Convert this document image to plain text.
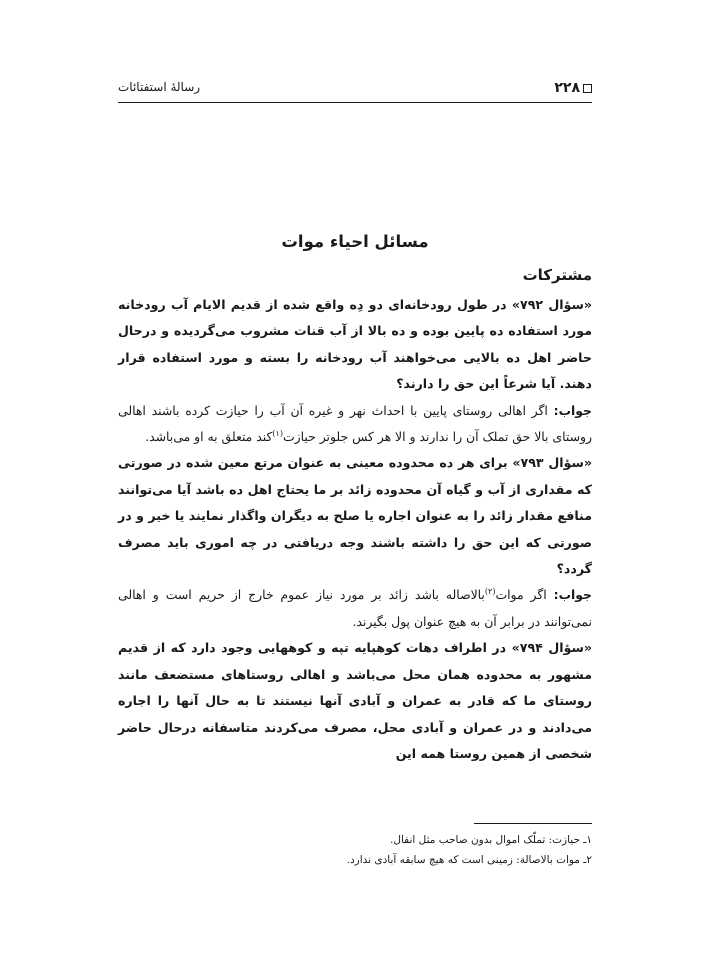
رسالهٔ استفتائات	۲۲۸
مسائل احیاء موات
مشترکات

«سؤال ۷۹۲» در طول رودخانه‌ای دو دِه واقع شده از قدیم الایام آب رودخانه مورد استفاده ده پایین بوده و ده بالا از آب قنات مشروب می‌گردیده و درحال حاضر اهل ده بالایی می‌خواهند آب رودخانه را بسته و مورد استفاده قرار دهند. آیا شرعاً این حق را دارند؟

جواب: اگر اهالی روستای پایین با احداث نهر و غیره آن آب را حیازت کرده باشند اهالی روستای بالا حق تملک آن را ندارند و الا هر کس جلوتر حیازت$^{(۱)}$کند متعلق به او می‌باشد.

«سؤال ۷۹۳» برای هر ده محدوده معینی به عنوان مرتع معین شده در صورتی که مقداری از آب و گیاه آن محدوده زائد بر ما یحتاج اهل ده باشد آیا می‌توانند منافع مقدار زائد را به عنوان اجاره یا صلح به دیگران واگذار نمایند یا خیر و در صورتی که این حق را داشته باشند وجه دریافتی در چه اموری باید مصرف گردد؟

جواب: اگر موات$^{(۲)}$بالاصاله باشد زائد بر مورد نیاز عموم خارج از حریم است و اهالی نمی‌توانند در برابر آن به هیچ عنوان پول بگیرند.

«سؤال ۷۹۴» در اطراف دهات کوهپایه تپه و کوههایی وجود دارد که از قدیم مشهور به محدوده همان محل می‌باشد و اهالی روستاهای مستضعف مانند روستای ما که قادر به عمران و آبادی آنها نیستند تا به حال آنها را اجاره می‌دادند و در عمران و آبادی محل، مصرف می‌کردند متاسفانه درحال حاضر شخصی از همین روستا همه این

۱ـ حیازت: تملّک اموال بدون صاحب مثل انفال.

۲ـ موات بالاصالة: زمینی است که هیچ سابقه آبادی ندارد.
